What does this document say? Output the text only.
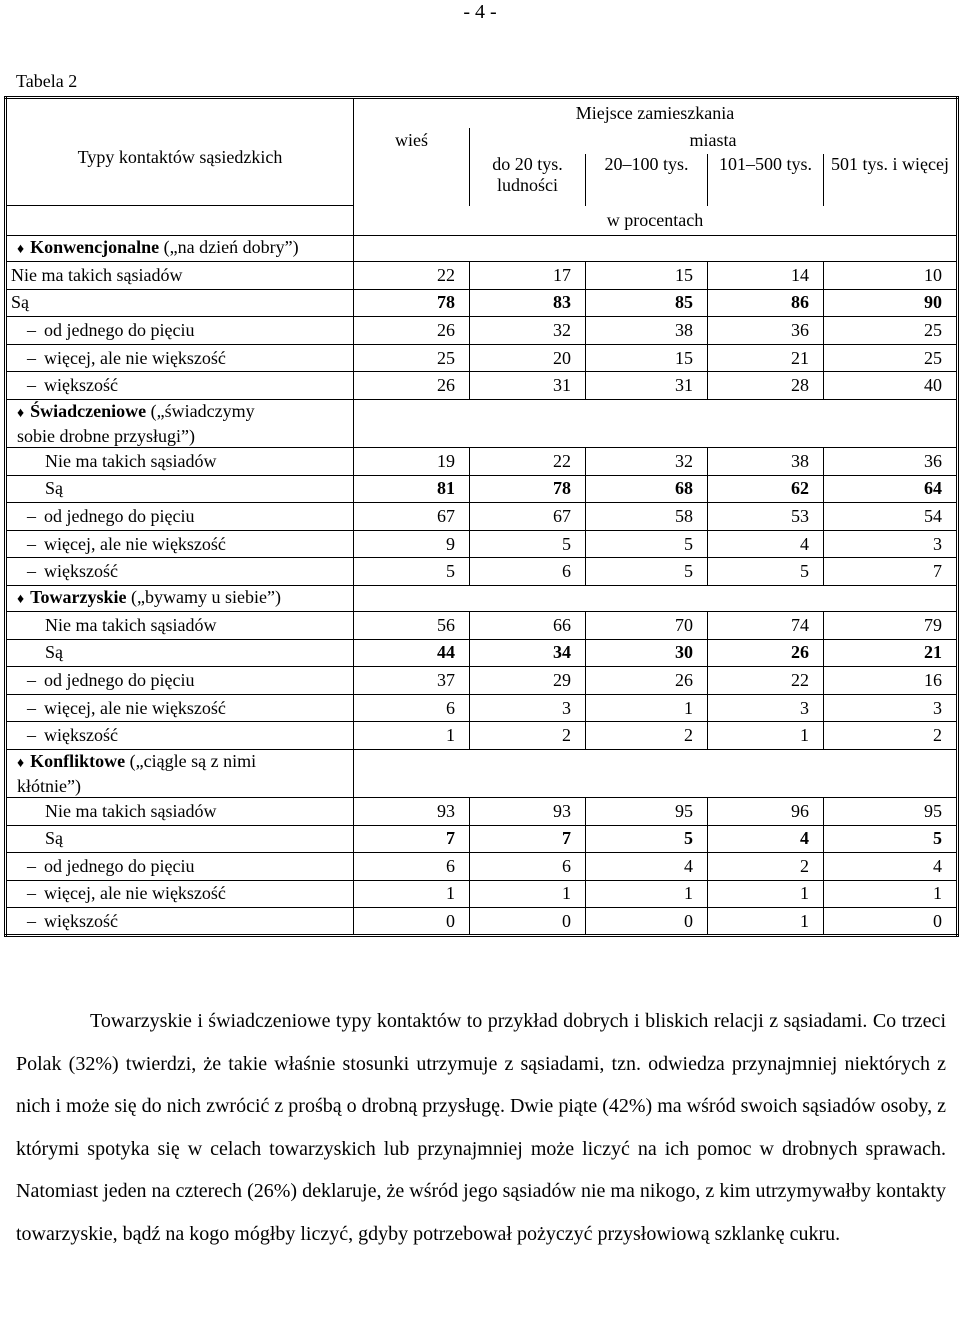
- 4 -
Tabela 2
Typy kontaktów sąsiedzkich	Miejsce zamieszkania				
	wieś	miasta			
		do 20 tys. ludności	20–100 tys.	101–500 tys.	501 tys. i więcej
	w procentach				
♦ Konwencjonalne („na dzień dobry”)					
Nie ma takich sąsiadów	22	17	15	14	10
Są	78	83	85	86	90
– od jednego do pięciu	26	32	38	36	25
– więcej, ale nie większość	25	20	15	21	25
– większość	26	31	31	28	40
♦ Świadczeniowe („świadczymy sobie drobne przysługi”)					
Nie ma takich sąsiadów	19	22	32	38	36
Są	81	78	68	62	64
– od jednego do pięciu	67	67	58	53	54
– więcej, ale nie większość	9	5	5	4	3
– większość	5	6	5	5	7
♦ Towarzyskie („bywamy u siebie”)					
Nie ma takich sąsiadów	56	66	70	74	79
Są	44	34	30	26	21
– od jednego do pięciu	37	29	26	22	16
– więcej, ale nie większość	6	3	1	3	3
– większość	1	2	2	1	2
♦ Konfliktowe („ciągle są z nimi kłótnie”)					
Nie ma takich sąsiadów	93	93	95	96	95
Są	7	7	5	4	5
– od jednego do pięciu	6	6	4	2	4
– więcej, ale nie większość	1	1	1	1	1
– większość	0	0	0	1	0

Towarzyskie i świadczeniowe typy kontaktów to przykład dobrych i bliskich relacji z sąsiadami. Co trzeci Polak (32%) twierdzi, że takie właśnie stosunki utrzymuje z sąsiadami, tzn. odwiedza przynajmniej niektórych z nich i może się do nich zwrócić z prośbą o drobną przysługę. Dwie piąte (42%) ma wśród swoich sąsiadów osoby, z którymi spotyka się w celach towarzyskich lub przynajmniej może liczyć na ich pomoc w drobnych sprawach. Natomiast jeden na czterech (26%) deklaruje, że wśród jego sąsiadów nie ma nikogo, z kim utrzymywałby kontakty towarzyskie, bądź na kogo mógłby liczyć, gdyby potrzebował pożyczyć przysłowiową szklankę cukru.
